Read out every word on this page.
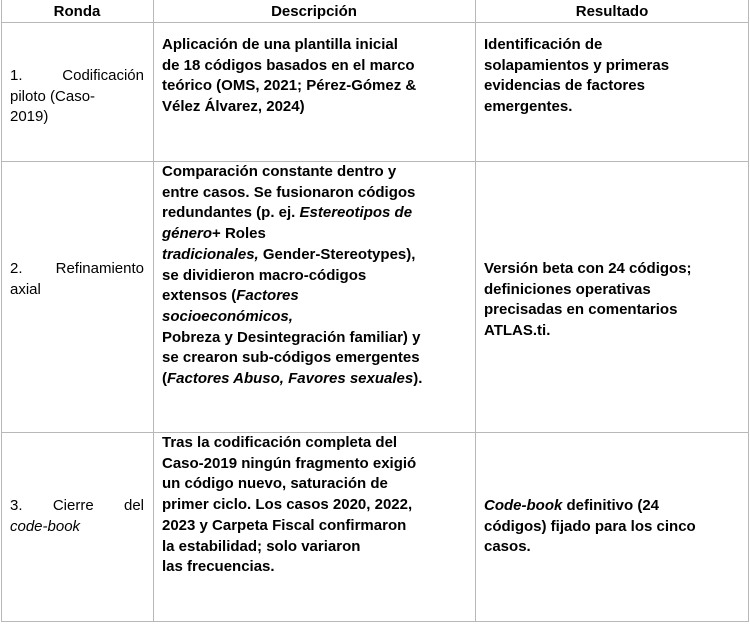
Ronda	Descripción	Resultado
1. Codificación
piloto (Caso-
2019)
Aplicación de una plantilla inicial
de 18 códigos basados en el marco
teórico (OMS, 2021; Pérez-Gómez &
Vélez Álvarez, 2024)
Identificación de
solapamientos y primeras
evidencias de factores
emergentes.
2. Refinamiento
axial
Comparación constante dentro y
entre casos. Se fusionaron códigos
redundantes (p. ej. Estereotipos de
género+ Roles
tradicionales, Gender-Stereotypes),
se dividieron macro-códigos
extensos (Factores
socioeconómicos,
Pobreza y Desintegración familiar) y
se crearon sub-códigos emergentes
(Factores Abuso, Favores sexuales).
Versión beta con 24 códigos;
definiciones operativas
precisadas en comentarios
ATLAS.ti.
3. Cierre del
code-book
Tras la codificación completa del
Caso-2019 ningún fragmento exigió
un código nuevo, saturación de
primer ciclo. Los casos 2020, 2022,
2023 y Carpeta Fiscal confirmaron
la estabilidad; solo variaron
las frecuencias.
Code-book definitivo (24
códigos) fijado para los cinco
casos.
